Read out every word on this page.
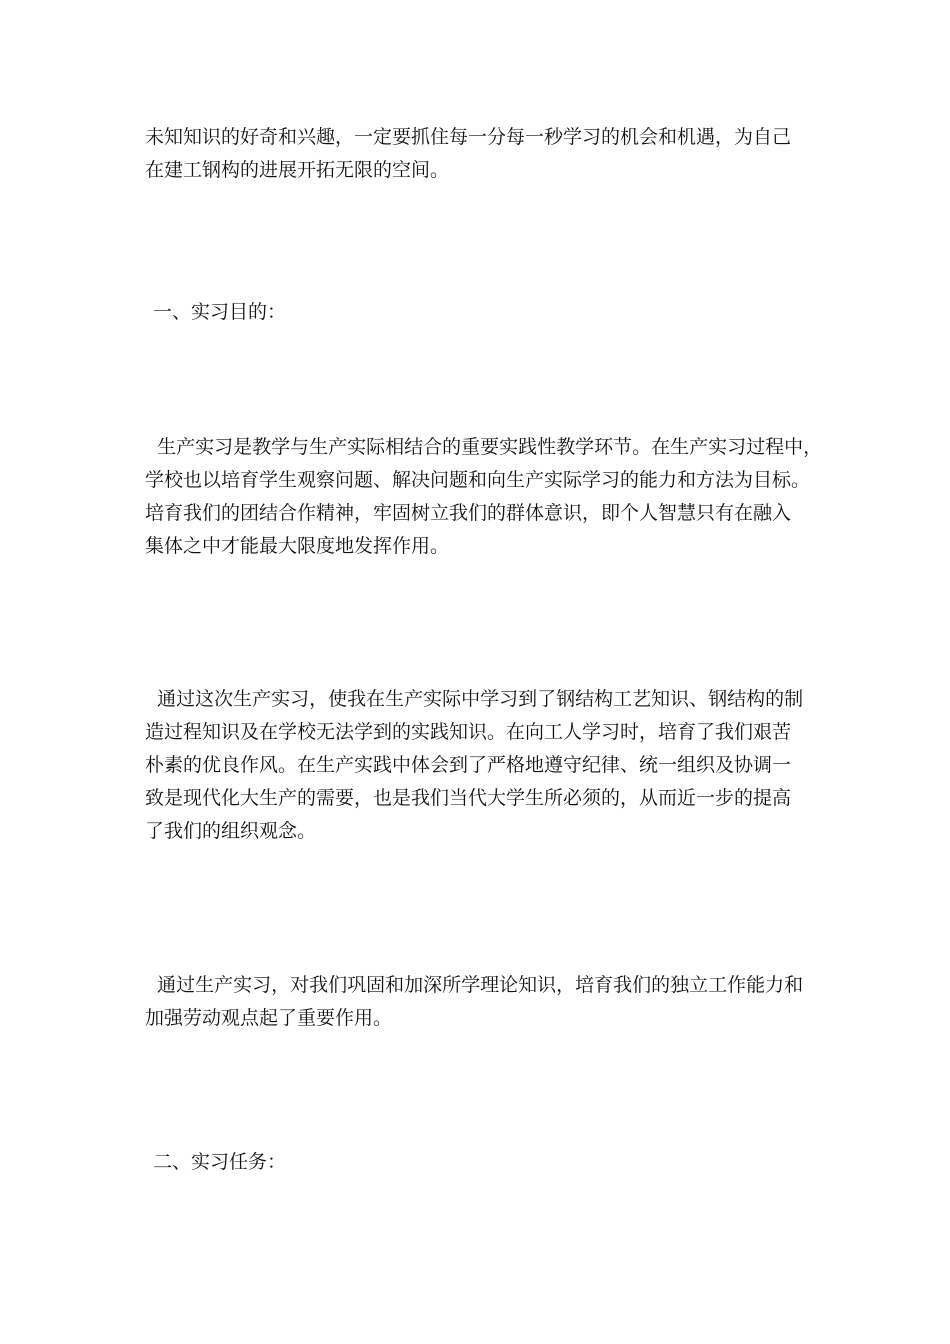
未知知识的好奇和兴趣，一定要抓住每一分每一秒学习的机会和机遇，为自己
在建工钢构的进展开拓无限的空间。
一、实习目的：
生产实习是教学与生产实际相结合的重要实践性教学环节。在生产实习过程中，
学校也以培育学生观察问题、解决问题和向生产实际学习的能力和方法为目标。
培育我们的团结合作精神，牢固树立我们的群体意识，即个人智慧只有在融入
集体之中才能最大限度地发挥作用。
通过这次生产实习，使我在生产实际中学习到了钢结构工艺知识、钢结构的制
造过程知识及在学校无法学到的实践知识。在向工人学习时，培育了我们艰苦
朴素的优良作风。在生产实践中体会到了严格地遵守纪律、统一组织及协调一
致是现代化大生产的需要，也是我们当代大学生所必须的，从而近一步的提高
了我们的组织观念。
通过生产实习，对我们巩固和加深所学理论知识，培育我们的独立工作能力和
加强劳动观点起了重要作用。
二、实习任务：
